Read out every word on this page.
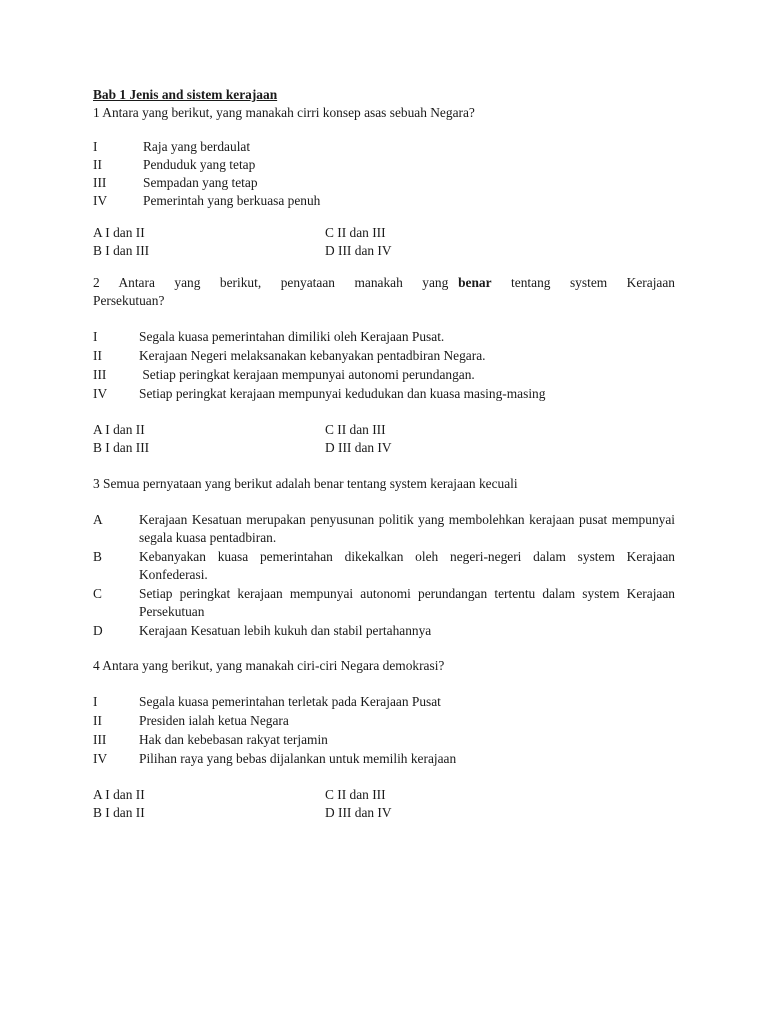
Bab 1 Jenis and sistem kerajaan
1 Antara yang berikut, yang manakah cirri konsep asas sebuah Negara?
I	Raja yang berdaulat
II	Penduduk yang tetap
III	Sempadan yang tetap
IV	Pemerintah yang berkuasa penuh
A I dan II	C II dan III
B I dan III	D III dan IV
2  Antara  yang  berikut,  penyataan  manakah  yang benar  tentang  system  Kerajaan
Persekutuan?
I	Segala kuasa pemerintahan dimiliki oleh Kerajaan Pusat.
II	Kerajaan Negeri melaksanakan kebanyakan pentadbiran Negara.
III	Setiap peringkat kerajaan mempunyai autonomi perundangan.
IV	Setiap peringkat kerajaan mempunyai kedudukan dan kuasa masing-masing
A I dan II	C II dan III
B I dan III	D III dan IV
3 Semua pernyataan yang berikut adalah benar tentang system kerajaan kecuali
A	Kerajaan Kesatuan merupakan penyusunan politik yang membolehkan kerajaan pusat mempunyai segala kuasa pentadbiran.
B	Kebanyakan kuasa pemerintahan dikekalkan oleh negeri-negeri dalam system Kerajaan Konfederasi.
C	Setiap peringkat kerajaan mempunyai autonomi perundangan tertentu dalam system Kerajaan Persekutuan
D	Kerajaan Kesatuan lebih kukuh dan stabil pertahannya
4 Antara yang berikut, yang manakah ciri-ciri Negara demokrasi?
I	Segala kuasa pemerintahan terletak pada Kerajaan Pusat
II	Presiden ialah ketua Negara
III	Hak dan kebebasan rakyat terjamin
IV	Pilihan raya yang bebas dijalankan untuk memilih kerajaan
A I dan II	C II dan III
B I dan II	D III dan IV
